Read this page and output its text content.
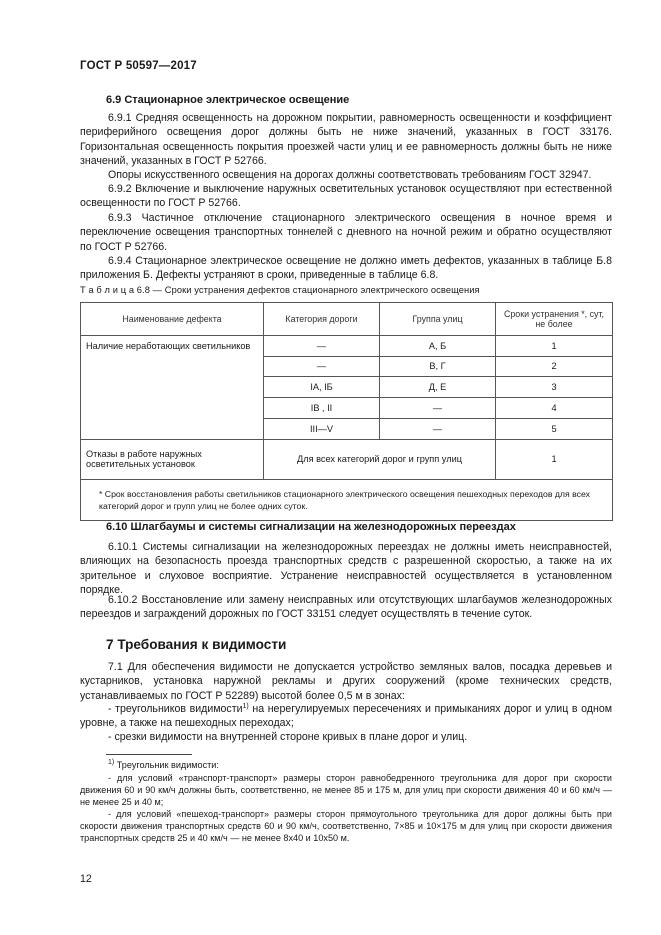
ГОСТ Р 50597—2017
6.9 Стационарное электрическое освещение

6.9.1 Средняя освещенность на дорожном покрытии, равномерность освещенности и коэффициент периферийного освещения дорог должны быть не ниже значений, указанных в ГОСТ 33176. Горизонтальная освещенность покрытия проезжей части улиц и ее равномерность должны быть не ниже значений, указанных в ГОСТ Р 52766.

Опоры искусственного освещения на дорогах должны соответствовать требованиям ГОСТ 32947.

6.9.2 Включение и выключение наружных осветительных установок осуществляют при естественной освещенности по ГОСТ Р 52766.

6.9.3 Частичное отключение стационарного электрического освещения в ночное время и переключение освещения транспортных тоннелей с дневного на ночной режим и обратно осуществляют по ГОСТ Р 52766.

6.9.4 Стационарное электрическое освещение не должно иметь дефектов, указанных в таблице Б.8 приложения Б. Дефекты устраняют в сроки, приведенные в таблице 6.8.

Т а б л и ц а 6.8 — Сроки устранения дефектов стационарного электрического освещения
Наименование дефекта	Категория дороги	Группа улиц	Сроки устранения *, сут, не более
Наличие неработающих светильников	—	А, Б	1
	—	В, Г	2
	IA, IБ	Д, Е	3
	IB , II	—	4
	III—V	—	5
Отказы в работе наружных осветительных установок	Для всех категорий дорог и групп улиц		1
* Срок восстановления работы светильников стационарного электрического освещения пешеходных переходов для всех категорий дорог и групп улиц не более одних суток.			
6.10 Шлагбаумы и системы сигнализации на железнодорожных переездах

6.10.1 Системы сигнализации на железнодорожных переездах не должны иметь неисправностей, влияющих на безопасность проезда транспортных средств с разрешенной скоростью, а также на их зрительное и слуховое восприятие. Устранение неисправностей осуществляется в установленном порядке.

6.10.2 Восстановление или замену неисправных или отсутствующих шлагбаумов железнодорожных переездов и заграждений дорожных по ГОСТ 33151 следует осуществлять в течение суток.

7 Требования к видимости

7.1 Для обеспечения видимости не допускается устройство земляных валов, посадка деревьев и кустарников, установка наружной рекламы и других сооружений (кроме технических средств, устанавливаемых по ГОСТ Р 52289) высотой более 0,5 м в зонах:

- треугольников видимости$^{1)}$ на нерегулируемых пересечениях и примыканиях дорог и улиц в одном уровне, а также на пешеходных переходах;

- срезки видимости на внутренней стороне кривых в плане дорог и улиц.

$^{1)}$ Треугольник видимости:

- для условий «транспорт-транспорт» размеры сторон равнобедренного треугольника для дорог при скорости движения 60 и 90 км/ч должны быть, соответственно, не менее 85 и 175 м, для улиц при скорости движения 40 и 60 км/ч — не менее 25 и 40 м;

- для условий «пешеход-транспорт» размеры сторон прямоугольного треугольника для дорог должны быть при скорости движения транспортных средств 60 и 90 км/ч, соответственно, 7×85 и 10×175 м для улиц при скорости движения транспортных средств 25 и 40 км/ч — не менее 8х40 и 10х50 м.

12
